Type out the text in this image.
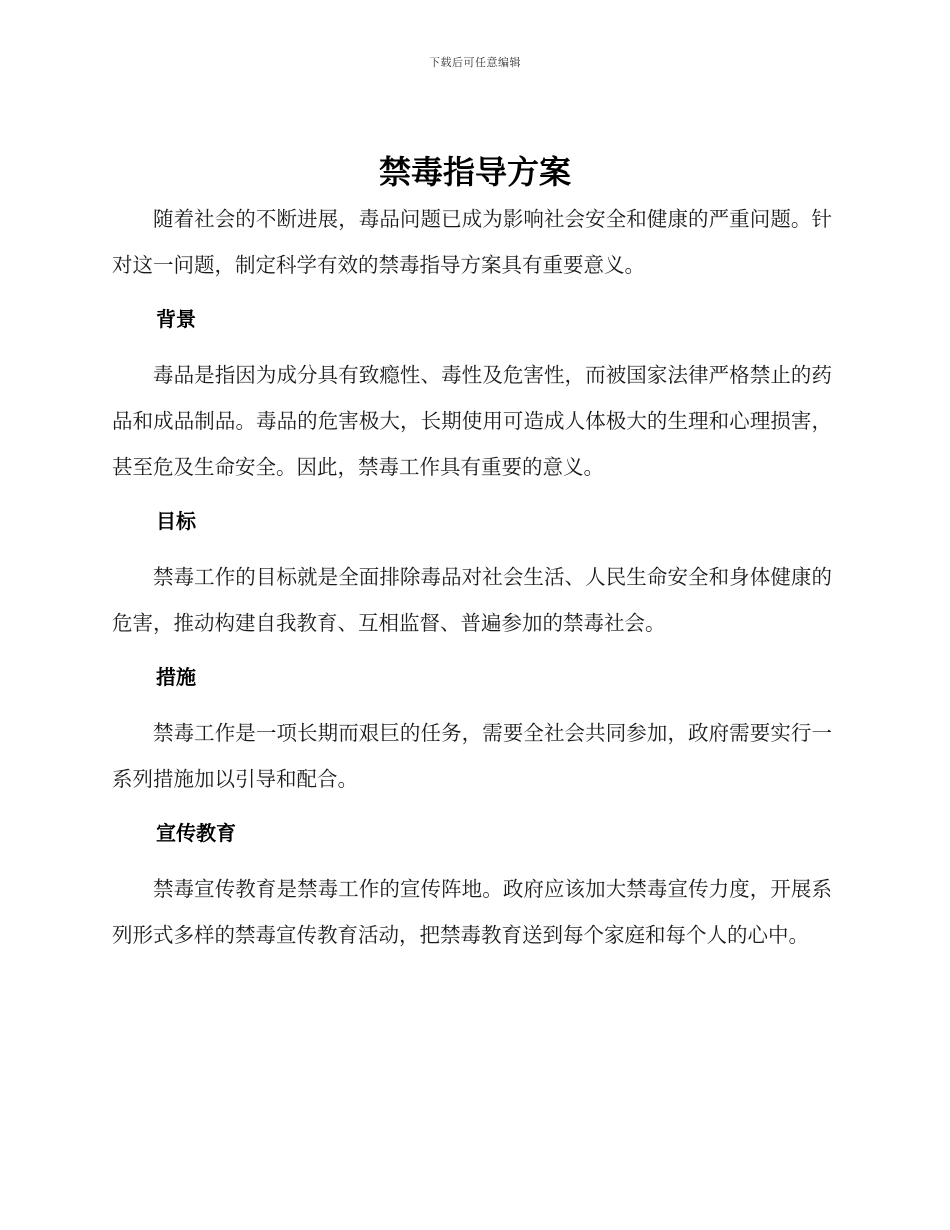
下载后可任意编辑
禁毒指导方案

随着社会的不断进展，毒品问题已成为影响社会安全和健康的严重问题。针对这一问题，制定科学有效的禁毒指导方案具有重要意义。

背景

毒品是指因为成分具有致瘾性、毒性及危害性，而被国家法律严格禁止的药品和成品制品。毒品的危害极大，长期使用可造成人体极大的生理和心理损害，甚至危及生命安全。因此，禁毒工作具有重要的意义。

目标

禁毒工作的目标就是全面排除毒品对社会生活、人民生命安全和身体健康的危害，推动构建自我教育、互相监督、普遍参加的禁毒社会。

措施

禁毒工作是一项长期而艰巨的任务，需要全社会共同参加，政府需要实行一系列措施加以引导和配合。

宣传教育

禁毒宣传教育是禁毒工作的宣传阵地。政府应该加大禁毒宣传力度，开展系列形式多样的禁毒宣传教育活动，把禁毒教育送到每个家庭和每个人的心中。
